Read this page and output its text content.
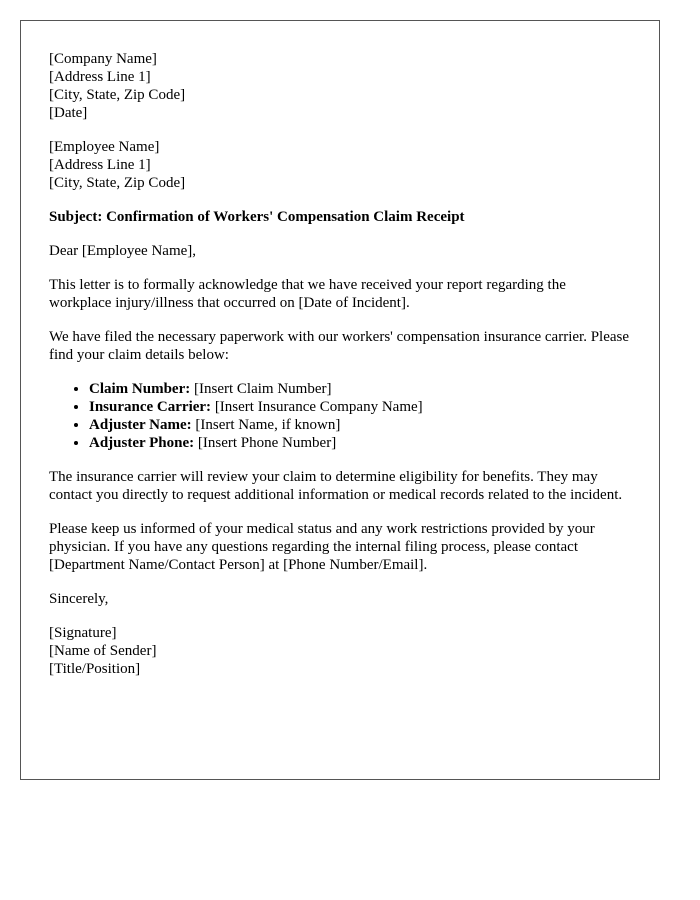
[Company Name]
[Address Line 1]
[City, State, Zip Code]
[Date]
[Employee Name]
[Address Line 1]
[City, State, Zip Code]
Subject: Confirmation of Workers' Compensation Claim Receipt

Dear [Employee Name],

This letter is to formally acknowledge that we have received your report regarding the workplace injury/illness that occurred on [Date of Incident].

We have filed the necessary paperwork with our workers' compensation insurance carrier. Please find your claim details below:

• Claim Number: [Insert Claim Number]
• Insurance Carrier: [Insert Insurance Company Name]
• Adjuster Name: [Insert Name, if known]
• Adjuster Phone: [Insert Phone Number]

The insurance carrier will review your claim to determine eligibility for benefits. They may contact you directly to request additional information or medical records related to the incident.

Please keep us informed of your medical status and any work restrictions provided by your physician. If you have any questions regarding the internal filing process, please contact [Department Name/Contact Person] at [Phone Number/Email].

Sincerely,

[Signature]
[Name of Sender]
[Title/Position]
